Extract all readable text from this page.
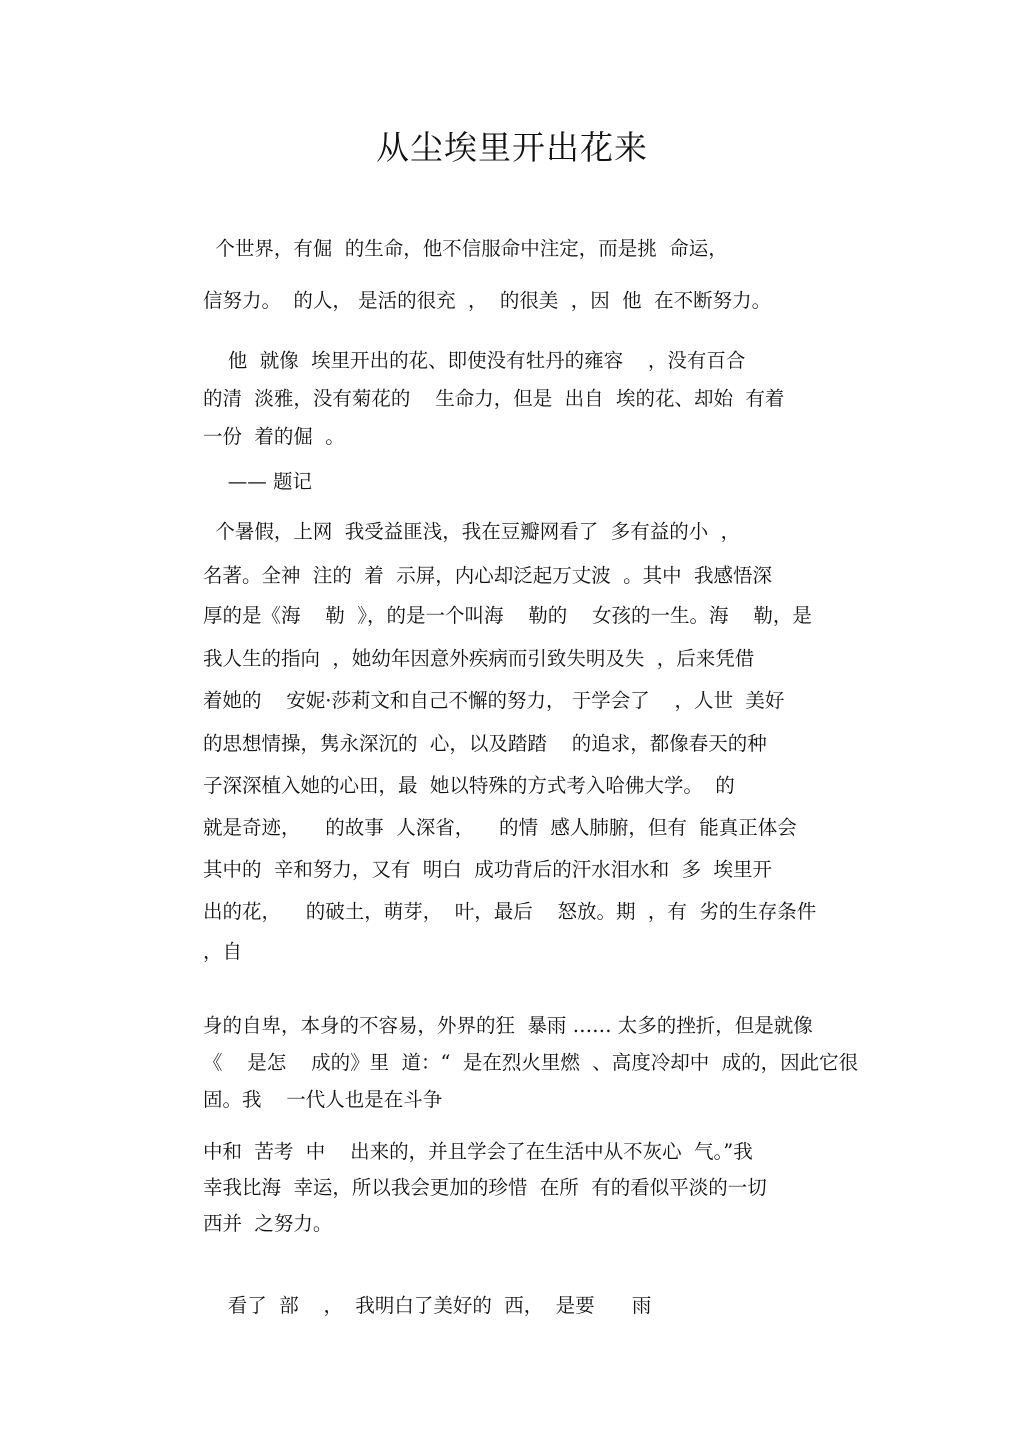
从尘埃里开出花来
个世界，有倔  的生命，他不信服命中注定，而是挑  命运，
信努力。  的人， 是活的很充  ，  的很美  ，因  他  在不断努力。
他  就像  埃里开出的花、即使没有牡丹的雍容    ，没有百合
的清  淡雅，没有菊花的    生命力，但是  出自  埃的花、却始  有着
一份  着的倔  。
—— 题记
个暑假，上网  我受益匪浅，我在豆瓣网看了  多有益的小  ，
名著。全神  注的  着  示屏，内心却泛起万丈波  。其中  我感悟深
厚的是《海    勒  》，的是一个叫海    勒的    女孩的一生。海    勒，是
我人生的指向  ，她幼年因意外疾病而引致失明及失  ，后来凭借
着她的    安妮·莎莉文和自己不懈的努力， 于学会了    ，人世  美好
的思想情操，隽永深沉的  心，以及踏踏    的追求，都像春天的种
子深深植入她的心田，最  她以特殊的方式考入哈佛大学。  的
就是奇迹，    的故事  人深省，    的情  感人肺腑，但有  能真正体会
其中的  辛和努力，又有  明白  成功背后的汗水泪水和  多  埃里开
出的花，    的破土，萌芽，  叶，最后    怒放。期  ，有  劣的生存条件
，自
身的自卑，本身的不容易，外界的狂  暴雨 …… 太多的挫折，但是就像
《    是怎    成的》里  道：“  是在烈火里燃  、高度冷却中  成的，因此它很
固。我    一代人也是在斗争
中和  苦考  中    出来的，并且学会了在生活中从不灰心  气。”我
幸我比海  幸运，所以我会更加的珍惜  在所  有的看似平淡的一切
西并  之努力。
看了  部    ，  我明白了美好的  西，  是要      雨
